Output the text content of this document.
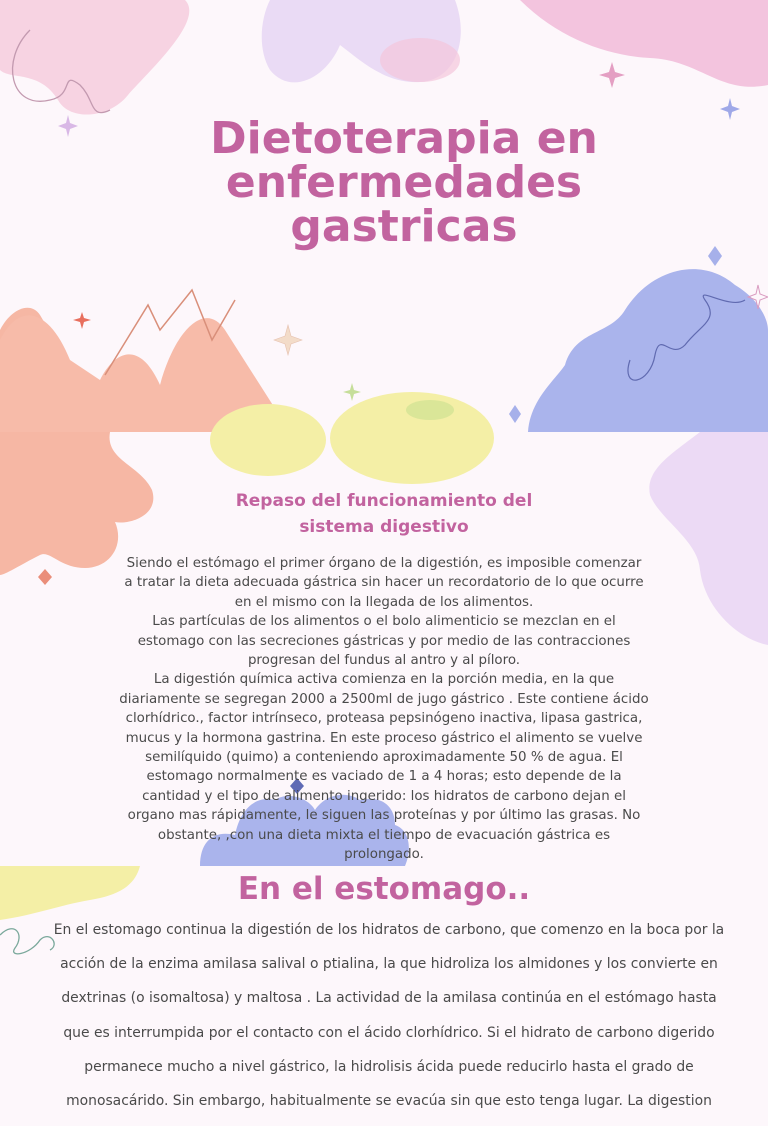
Dietoterapia en
enfermedades
gastricas
Repaso del funcionamiento del
sistema digestivo

Siendo el estómago el primer órgano de la digestión, es imposible comenzar

a tratar la dieta adecuada gástrica sin hacer un recordatorio de lo que ocurre

en el mismo con la llegada de los alimentos.

Las partículas de los alimentos o el bolo alimenticio se mezclan en el

estomago con las secreciones gástricas y por medio de las contracciones

progresan del fundus al antro y al píloro.

La digestión química activa comienza en la porción media, en la que

diariamente se segregan 2000 a 2500ml de jugo gástrico . Este contiene ácido

clorhídrico., factor intrínseco, proteasa pepsinógeno inactiva, lipasa gastrica,

mucus y la hormona gastrina. En este proceso gástrico el alimento se vuelve

semilíquido (quimo) a conteniendo aproximadamente 50 % de agua. El

estomago normalmente es vaciado de 1 a 4 horas; esto depende de la

cantidad y el tipo de alimento ingerido: los hidratos de carbono dejan el

organo mas rápidamente, le siguen las proteínas y por último las grasas. No

obstante, ,con una dieta mixta el tiempo de evacuación gástrica es

prolongado.

En el estomago..

En el estomago continua la digestión de los hidratos de carbono, que comenzo en la boca por la

acción de la enzima amilasa salival o ptialina, la que hidroliza los almidones y los convierte en

dextrinas (o isomaltosa) y maltosa . La actividad de la amilasa continúa en el estómago hasta

que es interrumpida por el contacto con el ácido clorhídrico. Si el hidrato de carbono digerido

permanece mucho a nivel gástrico, la hidrolisis ácida puede reducirlo hasta el grado de

monosacárido. Sin embargo, habitualmente se evacúa sin que esto tenga lugar. La digestion
